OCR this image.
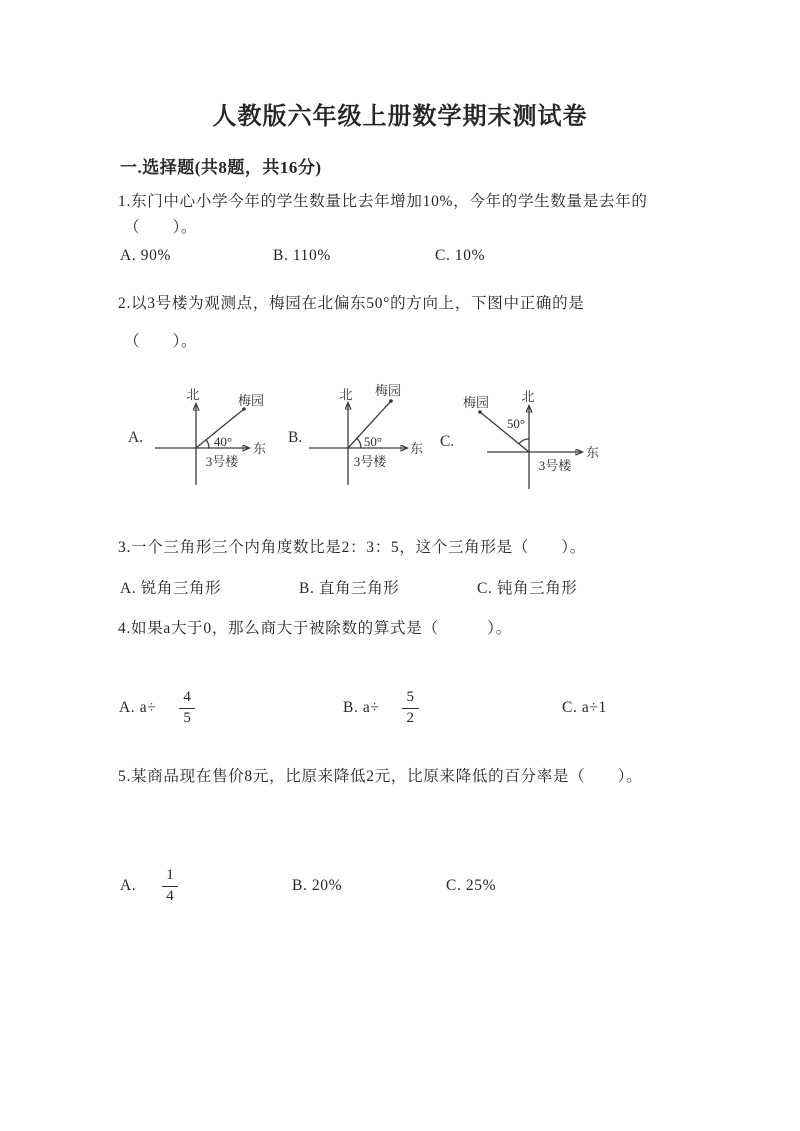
人教版六年级上册数学期末测试卷
一.选择题(共8题，共16分)
1.东门中心小学今年的学生数量比去年增加10%，今年的学生数量是去年的
（　　）。
A. 90%	B. 110%	C. 10%
2.以3号楼为观测点，梅园在北偏东50°的方向上，下图中正确的是
（　　）。
A.
北
东
梅园
40°
3号楼
B.
北
东
梅园
50°
3号楼
C.
北
东
梅园
50°
3号楼
3.一个三角形三个内角度数比是2：3：5，这个三角形是（　　）。
A. 锐角三角形	B. 直角三角形	C. 钝角三角形
4.如果a大于0，那么商大于被除数的算式是（　　　）。
A. $a\div \frac{4}{5}$	B. $a\div \frac{5}{2}$	C. a÷1
5.某商品现在售价8元，比原来降低2元，比原来降低的百分率是（　　）。
A. $\frac{1}{4}$	B. 20%	C. 25%
